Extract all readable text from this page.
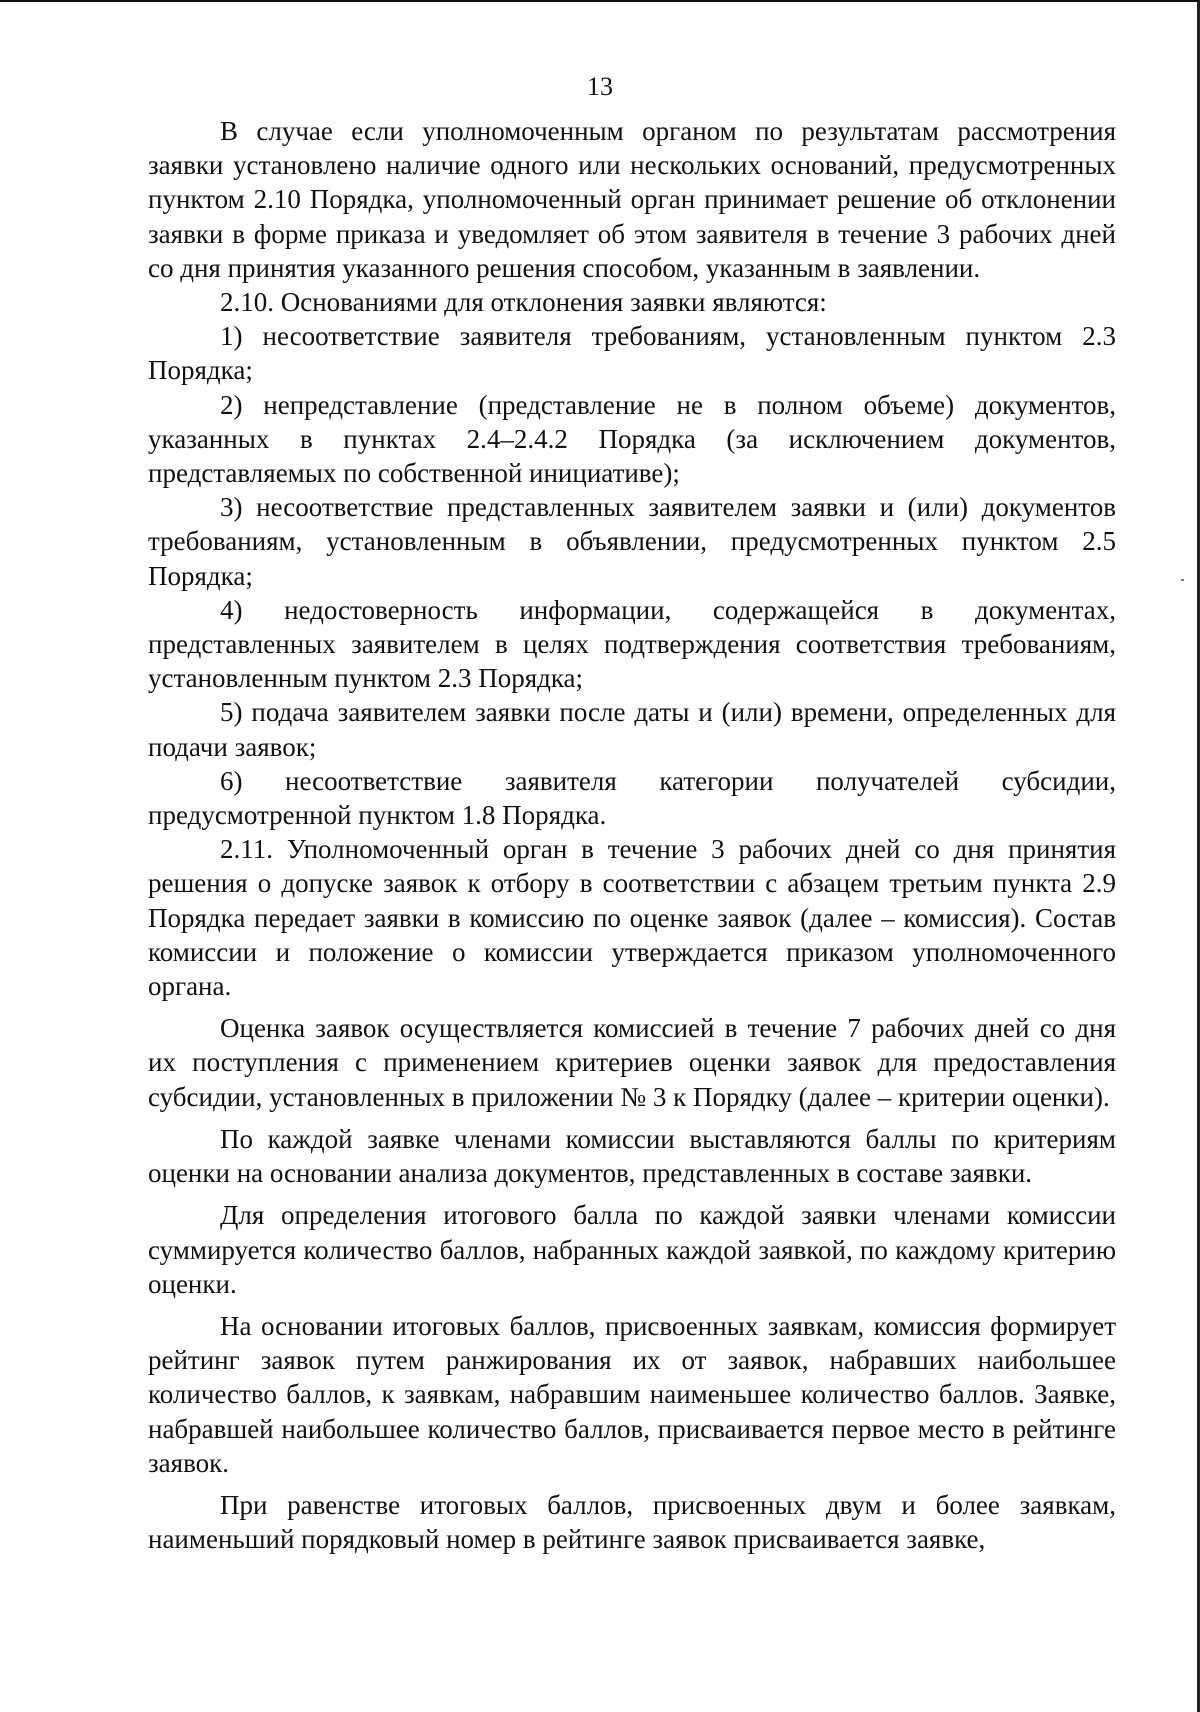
13

В случае если уполномоченным органом по результатам рассмотрения заявки установлено наличие одного или нескольких оснований, предусмотренных пунктом 2.10 Порядка, уполномоченный орган принимает решение об отклонении заявки в форме приказа и уведомляет об этом заявителя в течение 3 рабочих дней со дня принятия указанного решения способом, указанным в заявлении.

2.10. Основаниями для отклонения заявки являются:

1) несоответствие заявителя требованиям, установленным пунктом 2.3 Порядка;

2) непредставление (представление не в полном объеме) документов, указанных в пунктах 2.4–2.4.2 Порядка (за исключением документов, представляемых по собственной инициативе);

3) несоответствие представленных заявителем заявки и (или) документов требованиям, установленным в объявлении, предусмотренных пунктом 2.5 Порядка;

4) недостоверность информации, содержащейся в документах, представленных заявителем в целях подтверждения соответствия требованиям, установленным пунктом 2.3 Порядка;

5) подача заявителем заявки после даты и (или) времени, определенных для подачи заявок;

6) несоответствие заявителя категории получателей субсидии, предусмотренной пунктом 1.8 Порядка.

2.11. Уполномоченный орган в течение 3 рабочих дней со дня принятия решения о допуске заявок к отбору в соответствии с абзацем третьим пункта 2.9 Порядка передает заявки в комиссию по оценке заявок (далее – комиссия). Состав комиссии и положение о комиссии утверждается приказом уполномоченного органа.

Оценка заявок осуществляется комиссией в течение 7 рабочих дней со дня их поступления с применением критериев оценки заявок для предоставления субсидии, установленных в приложении № 3 к Порядку (далее – критерии оценки).

По каждой заявке членами комиссии выставляются баллы по критериям оценки на основании анализа документов, представленных в составе заявки.

Для определения итогового балла по каждой заявки членами комиссии суммируется количество баллов, набранных каждой заявкой, по каждому критерию оценки.

На основании итоговых баллов, присвоенных заявкам, комиссия формирует рейтинг заявок путем ранжирования их от заявок, набравших наибольшее количество баллов, к заявкам, набравшим наименьшее количество баллов. Заявке, набравшей наибольшее количество баллов, присваивается первое место в рейтинге заявок.

При равенстве итоговых баллов, присвоенных двум и более заявкам, наименьший порядковый номер в рейтинге заявок присваивается заявке,
